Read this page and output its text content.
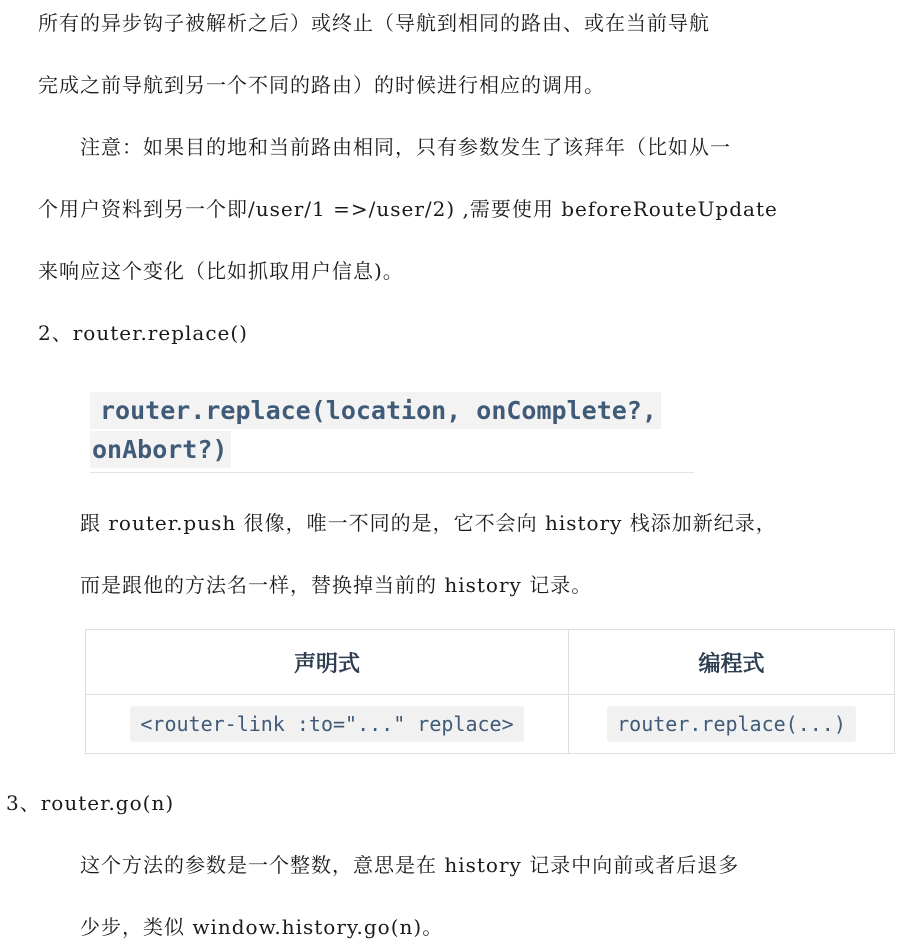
所有的异步钩子被解析之后）或终止（导航到相同的路由、或在当前导航
完成之前导航到另一个不同的路由）的时候进行相应的调用。
注意：如果目的地和当前路由相同，只有参数发生了该拜年（比如从一
个用户资料到另一个即/user/1 =>/user/2) ,需要使用 beforeRouteUpdate
来响应这个变化（比如抓取用户信息)。
2、router.replace()
router.replace(location, onComplete?,
onAbort?)
跟 router.push 很像，唯一不同的是，它不会向 history 栈添加新纪录，
而是跟他的方法名一样，替换掉当前的 history 记录。
声明式	编程式
<router-link :to="..." replace>	router.replace(...)
3、router.go(n)
这个方法的参数是一个整数，意思是在 history 记录中向前或者后退多
少步，类似 window.history.go(n)。
